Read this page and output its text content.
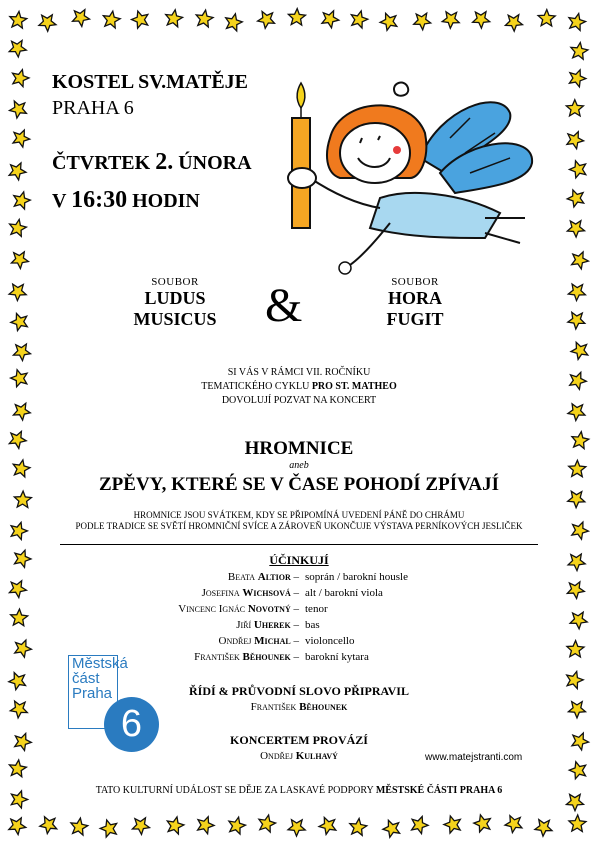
KOSTEL SV.MATĚJE
PRAHA 6
ČTVRTEK 2. ÚNORA
V 16:30 HODIN
SOUBOR
LUDUS
MUSICUS	&	SOUBOR
HORA
FUGIT
SI VÁS V RÁMCI VII. ROČNÍKU
TEMATICKÉHO CYKLU PRO ST. MATHEO
DOVOLUJÍ POZVAT NA KONCERT
HROMNICE
aneb
ZPĚVY, KTERÉ SE V ČASE POHODÍ ZPÍVAJÍ
HROMNICE JSOU SVÁTKEM, KDY SE PŘIPOMÍNÁ UVEDENÍ PÁNĚ DO CHRÁMU
PODLE TRADICE SE SVĚTÍ HROMNIČNÍ SVÍCE A ZÁROVEŇ UKONČUJE VÝSTAVA PERNÍKOVÝCH JESLIČEK
ÚČINKUJÍ
Beata Altior – soprán / barokní housle
Josefina Wichsová – alt / barokní viola
Vincenc Ignác Novotný – tenor
Jiří Uherek – bas
Ondřej Michal – violoncello
František Běhounek – barokní kytara
Městská
část
Praha
6
ŘÍDÍ & PRŮVODNÍ SLOVO PŘIPRAVIL
František Běhounek
KONCERTEM PROVÁZÍ
Ondřej Kulhavý	www.matejstranti.com
TATO KULTURNÍ UDÁLOST SE DĚJE ZA LASKAVÉ PODPORY MĚSTSKÉ ČÁSTI PRAHA 6
